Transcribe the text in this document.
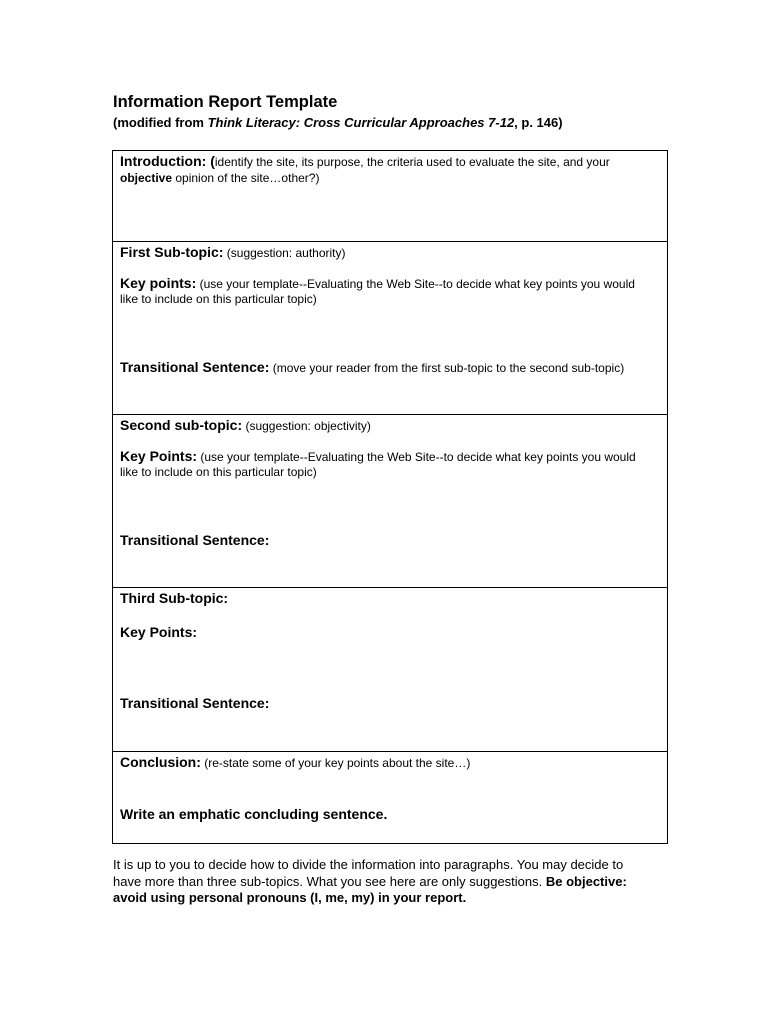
Information Report Template
(modified from Think Literacy: Cross Curricular Approaches 7-12, p. 146)
Introduction: (identify the site, its purpose, the criteria used to evaluate the site, and your
objective opinion of the site…other?)
First Sub-topic: (suggestion: authority)
Key points: (use your template--Evaluating the Web Site--to decide what key points you would
like to include on this particular topic)
Transitional Sentence: (move your reader from the first sub-topic to the second sub-topic)
Second sub-topic: (suggestion: objectivity)
Key Points: (use your template--Evaluating the Web Site--to decide what key points you would
like to include on this particular topic)
Transitional Sentence:
Third Sub-topic:
Key Points:
Transitional Sentence:
Conclusion: (re-state some of your key points about the site…)
Write an emphatic concluding sentence.
It is up to you to decide how to divide the information into paragraphs. You may decide to have more than three sub-topics. What you see here are only suggestions. Be objective: avoid using personal pronouns (I, me, my) in your report.
